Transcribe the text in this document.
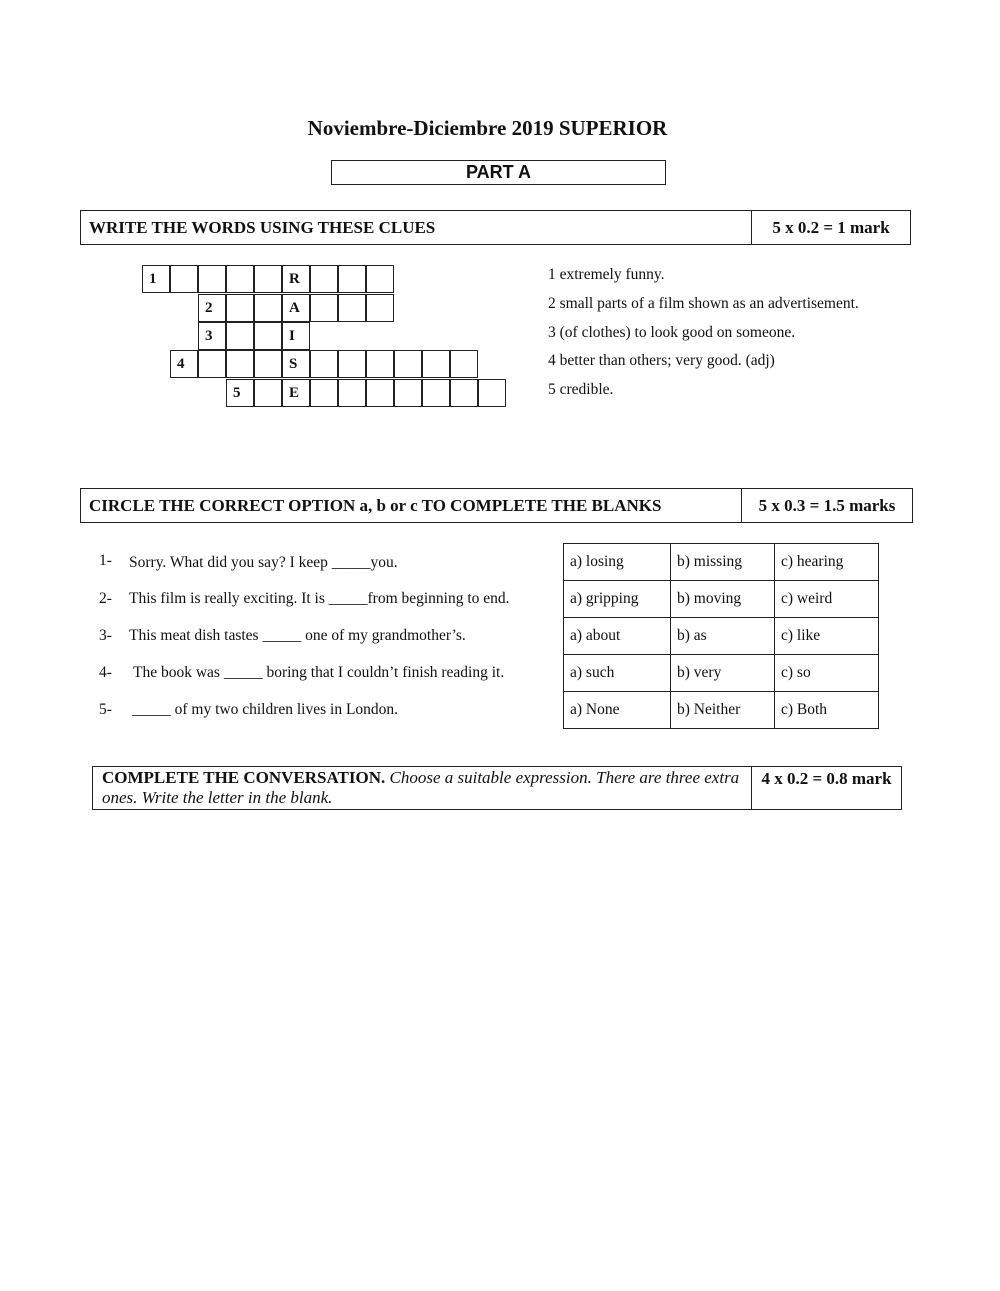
Noviembre-Diciembre 2019 SUPERIOR
PART A
WRITE THE WORDS USING THESE CLUES	5 x 0.2 = 1 mark
1	R
2	A
3	I
4	S
5	E
1 extremely funny.
2 small parts of a film shown as an advertisement.
3 (of clothes) to look good on someone.
4 better than others; very good. (adj)
5 credible.
CIRCLE THE CORRECT OPTION a, b or c TO COMPLETE THE BLANKS	5 x 0.3 = 1.5 marks
1- Sorry. What did you say? I keep _____you.
2- This film is really exciting. It is _____from beginning to end.
3- This meat dish tastes _____ one of my grandmother’s.
4- The book was _____ boring that I couldn’t finish reading it.
5- _____ of my two children lives in London.
a) losing	b) missing	c) hearing
a) gripping	b) moving	c) weird
a) about	b) as	c) like
a) such	b) very	c) so
a) None	b) Neither	c) Both
COMPLETE THE CONVERSATION. Choose a suitable expression. There are three extra ones. Write the letter in the blank.
4 x 0.2 = 0.8 mark
